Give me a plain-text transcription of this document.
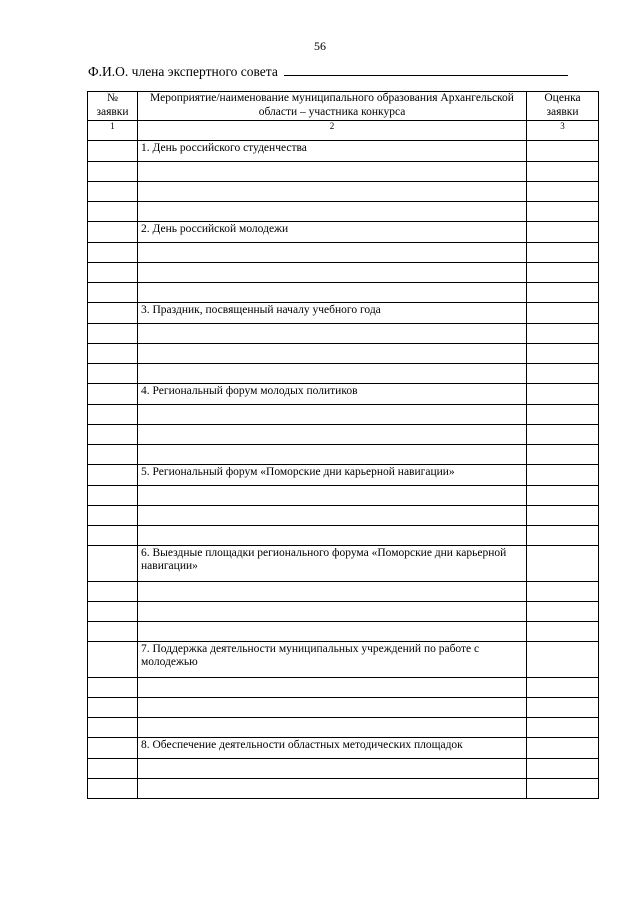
56
Ф.И.О. члена экспертного совета
№ заявки	Мероприятие/наименование муниципального образования Архангельской области – участника конкурса	Оценка заявки
1	2	3
	1. День российского студенчества	

	2. День российской молодежи	

	3. Праздник, посвященный началу учебного года	

	4. Региональный форум молодых политиков	

	5. Региональный форум «Поморские дни карьерной навигации»	

	6. Выездные площадки регионального форума «Поморские дни карьерной навигации»	

	7. Поддержка деятельности муниципальных учреждений по работе с молодежью	

	8. Обеспечение деятельности областных методических площадок	
